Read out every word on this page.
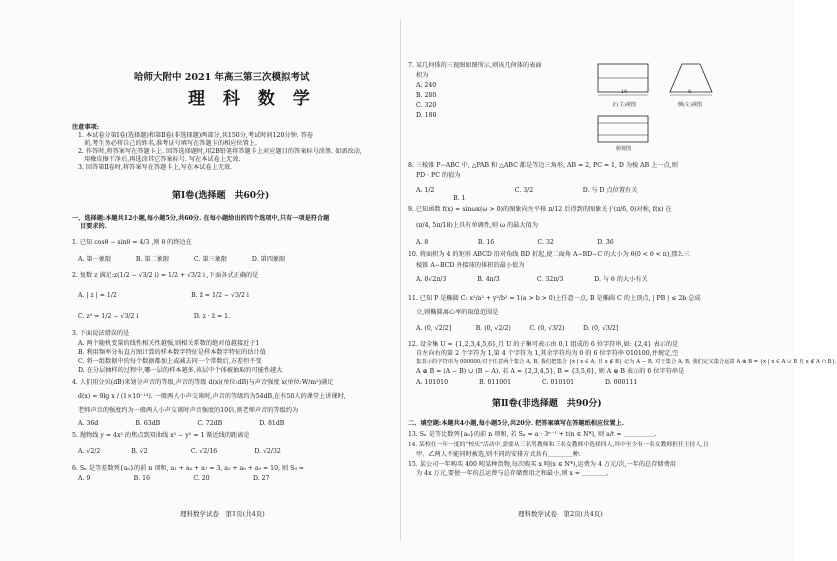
哈师大附中 2021 年高三第三次模拟考试
理 科 数 学
注意事项:
1. 本试卷分第Ⅰ卷(选择题)和第Ⅱ卷(非选择题)两部分,共150分,考试时间120分钟. 答卷
前,考生务必将自己的姓名,准考证号填写在答题卡的相应位置上.
2. 作答时,将答案写在答题卡上. 回答选择题时,用2B铅笔将答题卡上对应题目的答案标号涂黑. 如需改动,
用橡皮擦干净后,再选涂其它答案标号. 写在本试卷上无效.
3. 回答第Ⅱ卷时,将答案写在答题卡上,写在本试卷上无效.
第Ⅰ卷(选择题　共60分)
一、选择题:本题共12小题,每小题5分,共60分. 在每小题给出的四个选项中,只有一项是符合题
目要求的.
1. 已知 cosθ − sinθ = 4/3 ,则 θ 的终边在
A. 第一象限　　　　B. 第二象限　　　　C. 第三象限　　　　D. 第四象限
2. 复数 z 满足:z(1/2 − √3/2 i) = 1/2 + √3/2 i ,下面各式正确的是
A. | z | = 1/2　　　　　　　　　　　　B. z̄ = 1/2 − √3/2 i
C. z³ = 1/2 − √3/2 i　　　　　　　　　D. z · z̄ = 1.
3. 下面说法错误的是
A. 两个随机变量的线性相关性越强,则相关系数的绝对值越接近于1
B. 利用频率分布直方图计算的样本数字特征是样本数字特征的估计值
C. 将一组数据中的每个数据都加上或减去同一个常数后,方差恒不变
D. 在分层抽样的过程中,哪一层的样本越多,该层中个体被抽取的可能性越大
4. 人们用分贝(dB)来划分声音的等级,声音的等级 d(x)(单位:dB)与声音强度 x(单位:W/m²)满足
d(x) = 9lg x / (1×10⁻¹³). 一般两人小声交谈时,声音的等级约为54dB,在有50人的课堂上讲课时,
老师声音的强度约为一般两人小声交谈时声音强度的10倍,则老师声音的等级约为
A. 36d　　　　　　B. 63dB　　　　　　C. 72dB　　　　　　D. 81dB
5. 抛物线 y = 4x² 的焦点到双曲线 x² − y² = 1 渐近线的距离是
A. √2/2　　　　　B. √2　　　　　　　C. √2/16　　　　　　D. √2/32
6. Sₙ 是等差数列{aₙ}的前 n 项和, a₁ + a₄ + a₇ = 3, a₃ + a₆ + a₉ = 10, 则 S₉ =
A. 9　　　　　　　B. 16　　　　　　　C. 20　　　　　　　D. 27
理科数学试卷　第1页(共4页)
7. 某几何体的三视图如图所示,则该几何体的表面
积为
A. 240
B. 280
C. 320
D. 180
10	8
正(主)视图	侧(左)视图
俯视图
8. 三棱锥 P−ABC 中, △PAB 和 △ABC 都是等边三角形, AB = 2, PC = 1, D 为棱 AB 上一点,则
PD · PC 的值为
A. 1/2　　　　　　　　　　　　　C. 3/2　　　　　　　　D. 与 D 点位置有关
　　　　　　B. 1
9. 已知函数 f(x) = sinωx(ω > 0)的图象向左平移 π/12 后得到的图象关于(π/6, 0)对称, f(x) 在
(π/4, 5π/18)上具有单调性,则 ω 的最大值为
A. 8　　　　　　　　B. 16　　　　　　　C. 32　　　　　　　D. 36
10. 将面积为 4 的矩形 ABCD 沿对角线 BD 折起,使二面角 A−BD−C 的大小为 θ(0 < θ < π),那么三
棱锥 A−BCD 外接球的体积的最小值为
A. 8√2π/3　　　　　B. 4π/3　　　　　　C. 32π/3　　　　　D. 与 θ 的大小有关
11. 已知 P 是椭圆 C: x²/a² + y²/b² = 1(a > b > 0)上任意一点, B 是椭圆 C 的上顶点, | PB | ≤ 2b 总成
立,则椭圆离心率的取值范围是
A. (0, √2/2]　　　　B. (0, √2/2)　　　C. (0, √3/2)　　　D. (0, √3/2]
12. 设全集 U = {1,2,3,4,5,6},且 U 的子集可表示由 0,1 组成的 6 位字符串,如: {2,4} 表示的是
自左向右的第 2 个字符为 1,第 4 个字符为 1,其余字符均为 0 的 6 位字符串 010100,并规定,空
集表示的字符串为 000000;对于任意两个集合 A, B, 我们把集合 {x | x ∈ A, 且 x ∉ B} 记为 A − B, 对于集合 A, B, 我们定义集合运算 A ⊕ B = {x | x ∈ A ∪ B 且 x ∉ A ∩ B},
A ⊕ B = (A − B) ∪ (B − A). 若 A = {2,3,4,5}, B = {3,5,6}, 则 A ⊕ B 表示的 6 位字符串是
A. 101010　　　　　B. 011001　　　　　C. 010101　　　　　D. 000111
第Ⅱ卷(非选择题　共90分)
二、填空题:本题共4小题,每小题5分,共20分. 把答案填写在答题纸相应位置上.
13. Sₙ 是等比数列{aₙ}的前 n 项和, 若 Sₙ = a · 3ⁿ⁻¹ + t(n ∈ N*), 则 a/t = ＿＿＿＿＿.
14. 某校在一年一度的“校庆”活动中,需要从三名男教师和三名女教师中选择四人,其中至少有一名女教师担任主持人,且
甲、乙两人不能同时被选,则不同的安排方式共有＿＿＿＿种.
15. 某公司一年购买 400 吨某种货物,每次购买 x 吨(x ∈ N*),运费为 4 万元/次,一年的总存储费用
为 4x 万元,要使一年的总运费与总存储费用之和最小,则 x = ＿＿＿＿.
理科数学试卷　第2页(共4页)
